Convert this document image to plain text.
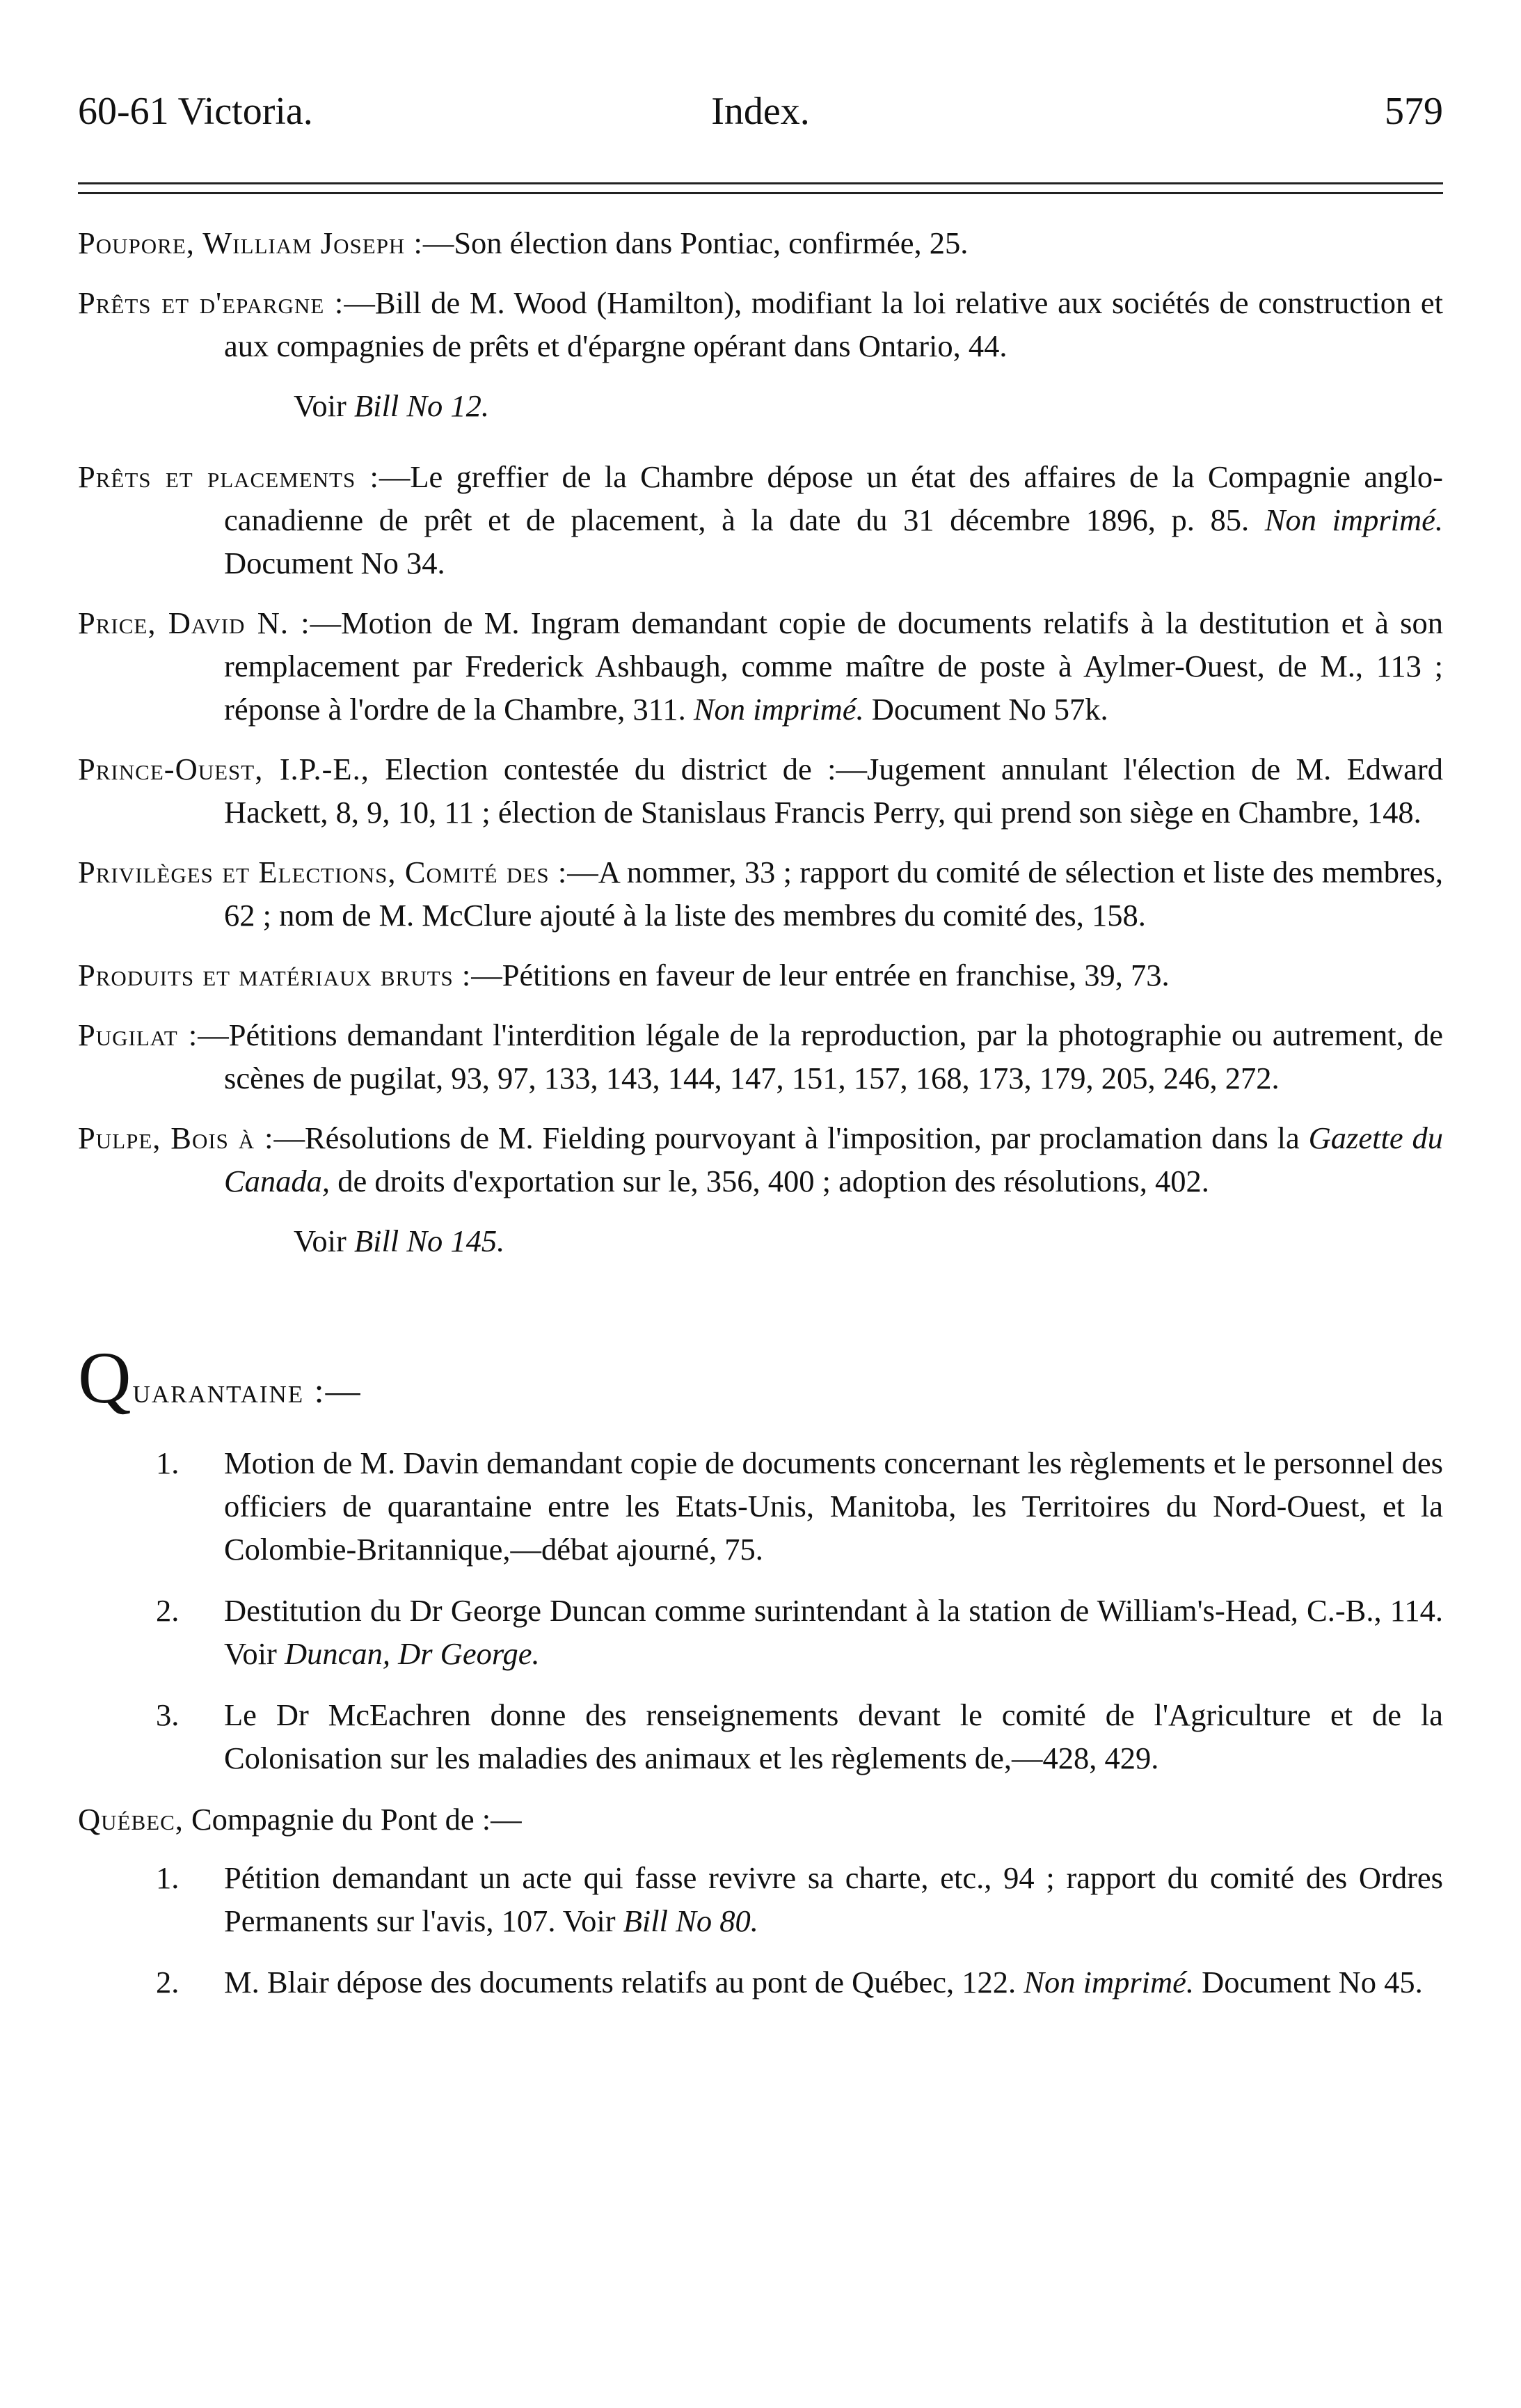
60-61 Victoria.	Index.	579
Poupore, William Joseph :—Son élection dans Pontiac, confirmée, 25.
Prêts et d'epargne :—Bill de M. Wood (Hamilton), modifiant la loi relative aux sociétés de construction et aux compagnies de prêts et d'épargne opérant dans Ontario, 44.
Voir Bill No 12.
Prêts et placements :—Le greffier de la Chambre dépose un état des affaires de la Compagnie anglo-canadienne de prêt et de placement, à la date du 31 décembre 1896, p. 85. Non imprimé. Document No 34.
Price, David N. :—Motion de M. Ingram demandant copie de documents relatifs à la destitution et à son remplacement par Frederick Ashbaugh, comme maître de poste à Aylmer-Ouest, de M., 113 ; réponse à l'ordre de la Chambre, 311. Non imprimé. Document No 57k.
Prince-Ouest, I.P.-E., Election contestée du district de :—Jugement annulant l'élection de M. Edward Hackett, 8, 9, 10, 11 ; élection de Stanislaus Francis Perry, qui prend son siège en Chambre, 148.
Privilèges et Elections, Comité des :—A nommer, 33 ; rapport du comité de sélection et liste des membres, 62 ; nom de M. McClure ajouté à la liste des membres du comité des, 158.
Produits et matériaux bruts :—Pétitions en faveur de leur entrée en franchise, 39, 73.
Pugilat :—Pétitions demandant l'interdition légale de la reproduction, par la photographie ou autrement, de scènes de pugilat, 93, 97, 133, 143, 144, 147, 151, 157, 168, 173, 179, 205, 246, 272.
Pulpe, Bois à :—Résolutions de M. Fielding pourvoyant à l'imposition, par proclamation dans la Gazette du Canada, de droits d'exportation sur le, 356, 400 ; adoption des résolutions, 402.
Voir Bill No 145.
Quarantaine :—
1.	Motion de M. Davin demandant copie de documents concernant les règlements et le personnel des officiers de quarantaine entre les Etats-Unis, Manitoba, les Territoires du Nord-Ouest, et la Colombie-Britannique,—débat ajourné, 75.
2.	Destitution du Dr George Duncan comme surintendant à la station de William's-Head, C.-B., 114. Voir Duncan, Dr George.
3.	Le Dr McEachren donne des renseignements devant le comité de l'Agriculture et de la Colonisation sur les maladies des animaux et les règlements de,—428, 429.
Québec, Compagnie du Pont de :—
1.	Pétition demandant un acte qui fasse revivre sa charte, etc., 94 ; rapport du comité des Ordres Permanents sur l'avis, 107. Voir Bill No 80.
2.	M. Blair dépose des documents relatifs au pont de Québec, 122. Non imprimé. Document No 45.
